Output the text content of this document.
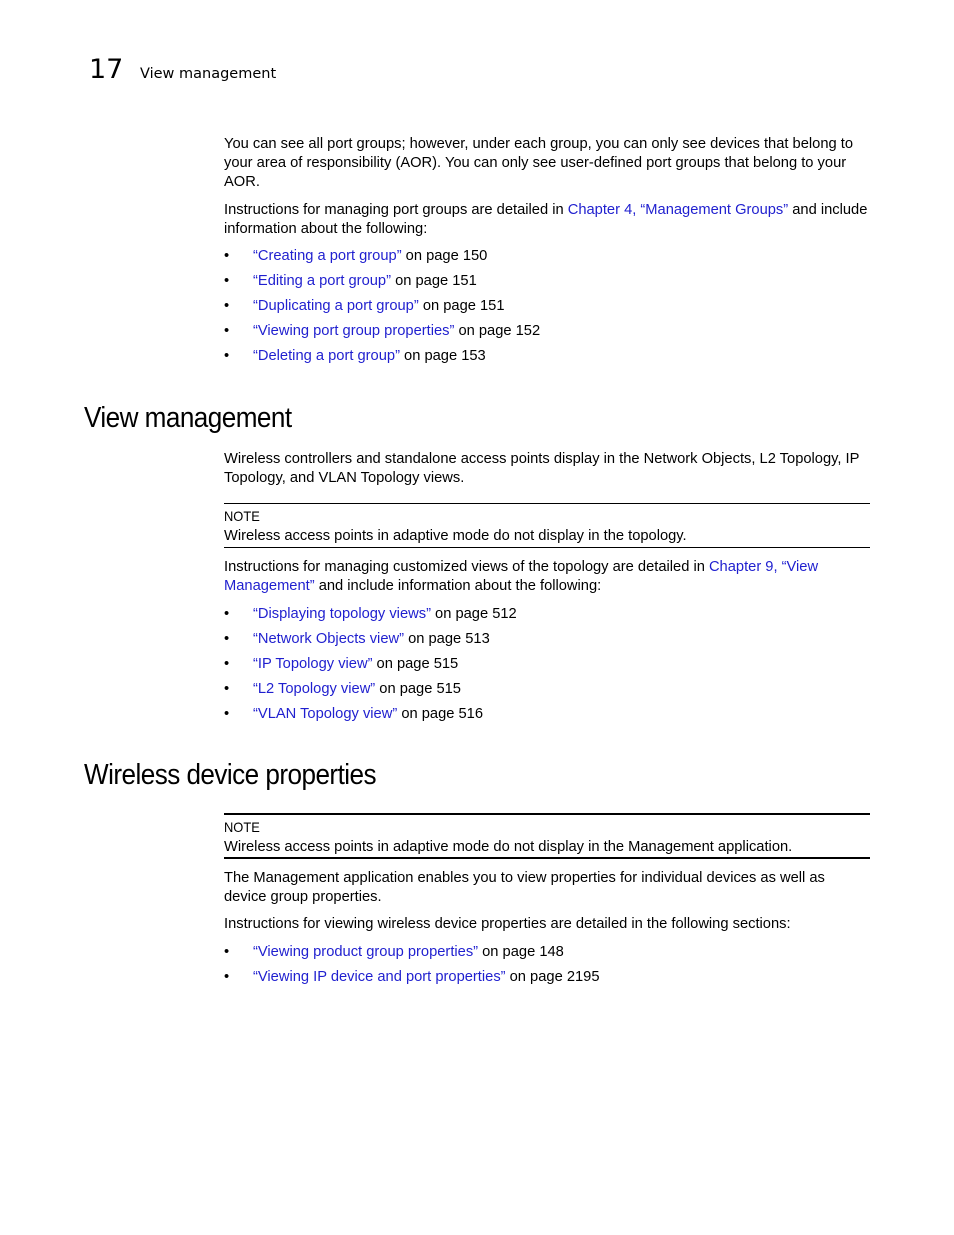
17 View management

You can see all port groups; however, under each group, you can only see devices that belong to your area of responsibility (AOR). You can only see user-defined port groups that belong to your AOR.

Instructions for managing port groups are detailed in Chapter 4, “Management Groups” and include information about the following:

• “Creating a port group” on page 150
• “Editing a port group” on page 151
• “Duplicating a port group” on page 151
• “Viewing port group properties” on page 152
• “Deleting a port group” on page 153
View management

Wireless controllers and standalone access points display in the Network Objects, L2 Topology, IP Topology, and VLAN Topology views.

NOTE
Wireless access points in adaptive mode do not display in the topology.

Instructions for managing customized views of the topology are detailed in Chapter 9, “View Management” and include information about the following:

• “Displaying topology views” on page 512
• “Network Objects view” on page 513
• “IP Topology view” on page 515
• “L2 Topology view” on page 515
• “VLAN Topology view” on page 516
Wireless device properties
NOTE
Wireless access points in adaptive mode do not display in the Management application.

The Management application enables you to view properties for individual devices as well as device group properties.

Instructions for viewing wireless device properties are detailed in the following sections:

• “Viewing product group properties” on page 148
• “Viewing IP device and port properties” on page 2195
